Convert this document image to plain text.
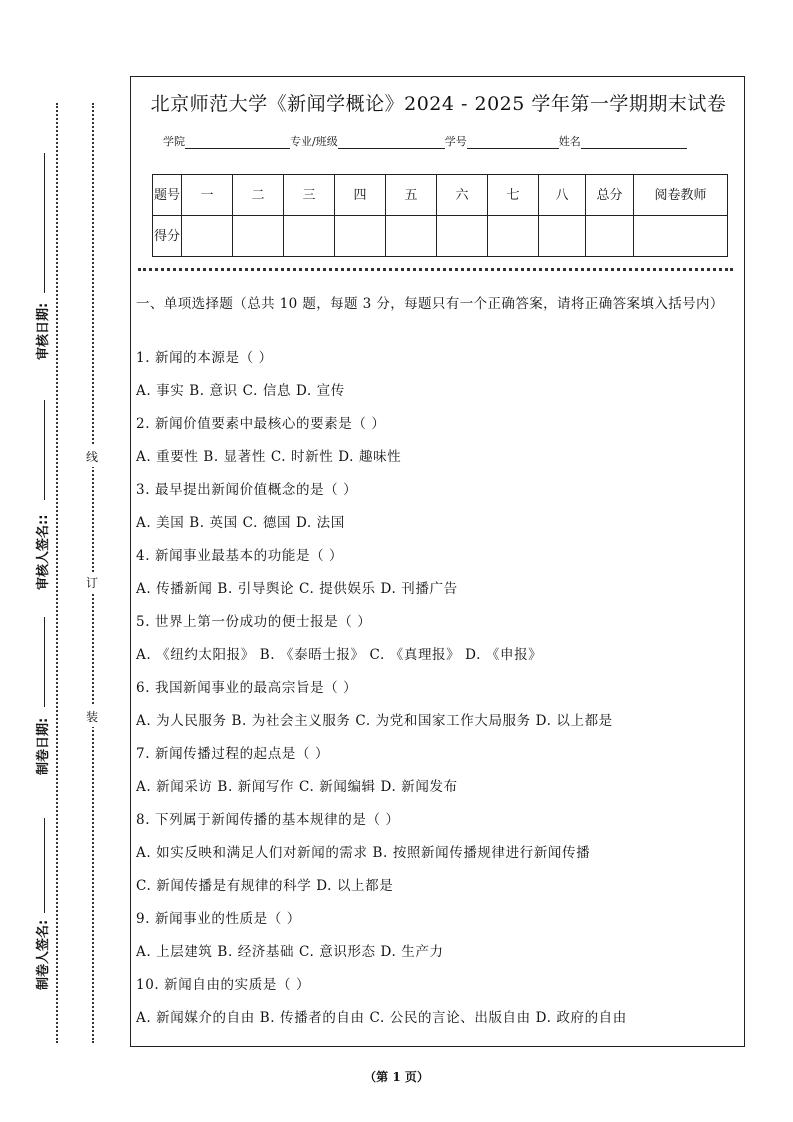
审核日期:
审核人签名::
制卷日期:
制卷人签名:
线
订
装
北京师范大学《新闻学概论》2024 - 2025 学年第一学期期末试卷
学院	专业/班级	学号	姓名
题号	一	二	三	四	五	六	七	八	总分	阅卷教师
得分										
一、单项选择题（总共 10 题，每题 3 分，每题只有一个正确答案，请将正确答案填入括号内）
1. 新闻的本源是（ ）
A. 事实 B. 意识 C. 信息 D. 宣传
2. 新闻价值要素中最核心的要素是（ ）
A. 重要性 B. 显著性 C. 时新性 D. 趣味性
3. 最早提出新闻价值概念的是（ ）
A. 美国 B. 英国 C. 德国 D. 法国
4. 新闻事业最基本的功能是（ ）
A. 传播新闻 B. 引导舆论 C. 提供娱乐 D. 刊播广告
5. 世界上第一份成功的便士报是（ ）
A. 《纽约太阳报》 B. 《泰晤士报》 C. 《真理报》 D. 《申报》
6. 我国新闻事业的最高宗旨是（ ）
A. 为人民服务 B. 为社会主义服务 C. 为党和国家工作大局服务 D. 以上都是
7. 新闻传播过程的起点是（ ）
A. 新闻采访 B. 新闻写作 C. 新闻编辑 D. 新闻发布
8. 下列属于新闻传播的基本规律的是（ ）
A. 如实反映和满足人们对新闻的需求 B. 按照新闻传播规律进行新闻传播
C. 新闻传播是有规律的科学 D. 以上都是
9. 新闻事业的性质是（ ）
A. 上层建筑 B. 经济基础 C. 意识形态 D. 生产力
10. 新闻自由的实质是（ ）
A. 新闻媒介的自由 B. 传播者的自由 C. 公民的言论、出版自由 D. 政府的自由
（第 1 页）
